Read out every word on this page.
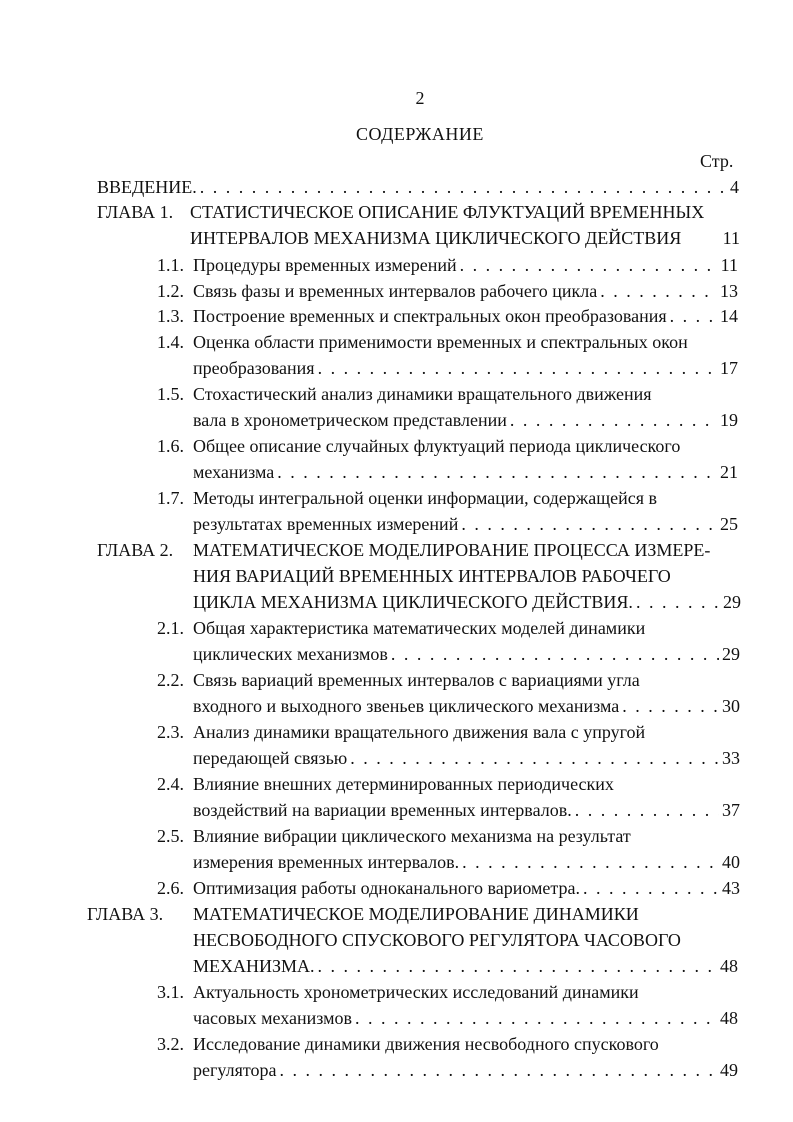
2
СОДЕРЖАНИЕ
Стр.
ВВЕДЕНИЕ. . . .	4
ГЛАВА 1. СТАТИСТИЧЕСКОЕ ОПИСАНИЕ ФЛУКТУАЦИЙ ВРЕМЕННЫХ
ИНТЕРВАЛОВ МЕХАНИЗМА ЦИКЛИЧЕСКОГО ДЕЙСТВИЯ 11
1.1. Процедуры временных измерений . . .	11
1.2. Связь фазы и временных интервалов рабочего цикла . . .	13
1.3. Построение временных и спектральных окон преобразования . . .	14
1.4. Оценка области применимости временных и спектральных окон
преобразования . . .	17
1.5. Стохастический анализ динамики вращательного движения
вала в хронометрическом представлении . . .	19
1.6. Общее описание случайных флуктуаций периода циклического
механизма . . .	21
1.7. Методы интегральной оценки информации, содержащейся в
результатах временных измерений . . .	25
ГЛАВА 2. МАТЕМАТИЧЕСКОЕ МОДЕЛИРОВАНИЕ ПРОЦЕССА ИЗМЕРЕ-
НИЯ ВАРИАЦИЙ ВРЕМЕННЫХ ИНТЕРВАЛОВ РАБОЧЕГО
ЦИКЛА МЕХАНИЗМА ЦИКЛИЧЕСКОГО ДЕЙСТВИЯ. . . .	29
2.1. Общая характеристика математических моделей динамики
циклических механизмов . . .	29
2.2. Связь вариаций временных интервалов с вариациями угла
входного и выходного звеньев циклического механизма . . .	30
2.3. Анализ динамики вращательного движения вала с упругой
передающей связью . . .	33
2.4. Влияние внешних детерминированных периодических
воздействий на вариации временных интервалов. . . .	37
2.5. Влияние вибрации циклического механизма на результат
измерения временных интервалов. . . .	40
2.6. Оптимизация работы одноканального вариометра. . . .	43
ГЛАВА 3. МАТЕМАТИЧЕСКОЕ МОДЕЛИРОВАНИЕ ДИНАМИКИ
НЕСВОБОДНОГО СПУСКОВОГО РЕГУЛЯТОРА ЧАСОВОГО
МЕХАНИЗМА. . . .	48
3.1. Актуальность хронометрических исследований динамики
часовых механизмов . . .	48
3.2. Исследование динамики движения несвободного спускового
регулятора . . .	49
